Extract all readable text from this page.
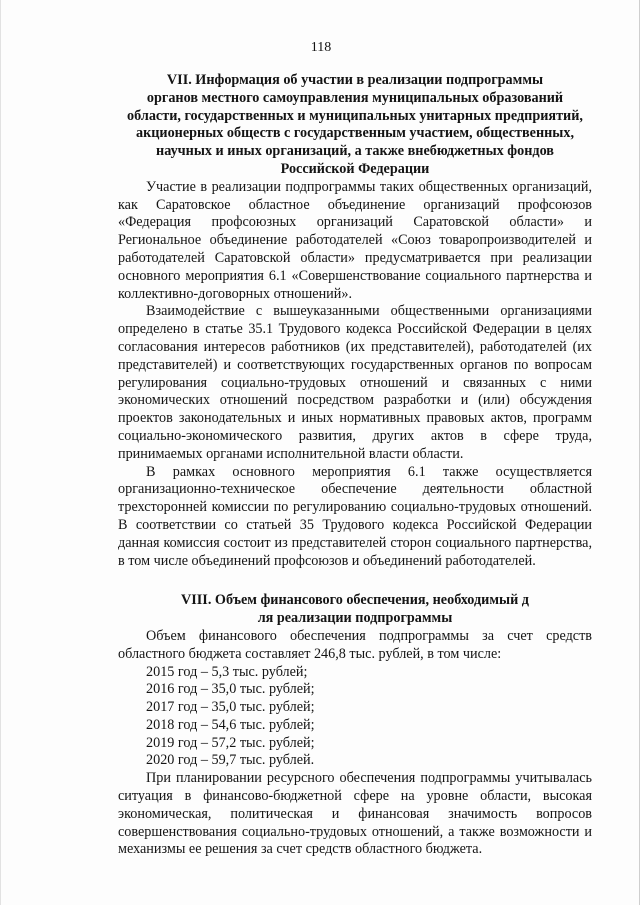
118
VII. Информация об участии в реализации подпрограммы
органов местного самоуправления муниципальных образований
области, государственных и муниципальных унитарных предприятий,
акционерных обществ с государственным участием, общественных,
научных и иных организаций, а также внебюджетных фондов
Российской Федерации

Участие в реализации подпрограммы таких общественных организаций, как Саратовское областное объединение организаций профсоюзов «Федерация профсоюзных организаций Саратовской области» и Региональное объединение работодателей «Союз товаропроизводителей и работодателей Саратовской области» предусматривается при реализации основного мероприятия 6.1 «Совершенствование социального партнерства и коллективно-договорных отношений».

Взаимодействие с вышеуказанными общественными организациями определено в статье 35.1 Трудового кодекса Российской Федерации в целях согласования интересов работников (их представителей), работодателей (их представителей) и соответствующих государственных органов по вопросам регулирования социально-трудовых отношений и связанных с ними экономических отношений посредством разработки и (или) обсуждения проектов законодательных и иных нормативных правовых актов, программ социально-экономического развития, других актов в сфере труда, принимаемых органами исполнительной власти области.

В рамках основного мероприятия 6.1 также осуществляется организационно-техническое обеспечение деятельности областной трехсторонней комиссии по регулированию социально-трудовых отношений. В соответствии со статьей 35 Трудового кодекса Российской Федерации данная комиссия состоит из представителей сторон социального партнерства, в том числе объединений профсоюзов и объединений работодателей.

VIII. Объем финансового обеспечения, необходимый д
ля реализации подпрограммы

Объем финансового обеспечения подпрограммы за счет средств областного бюджета составляет 246,8 тыс. рублей, в том числе:

2015 год – 5,3 тыс. рублей;
2016 год – 35,0 тыс. рублей;
2017 год – 35,0 тыс. рублей;
2018 год – 54,6 тыс. рублей;
2019 год – 57,2 тыс. рублей;
2020 год – 59,7 тыс. рублей.

При планировании ресурсного обеспечения подпрограммы учитывалась ситуация в финансово-бюджетной сфере на уровне области, высокая экономическая, политическая и финансовая значимость вопросов совершенствования социально-трудовых отношений, а также возможности и механизмы ее решения за счет средств областного бюджета.
